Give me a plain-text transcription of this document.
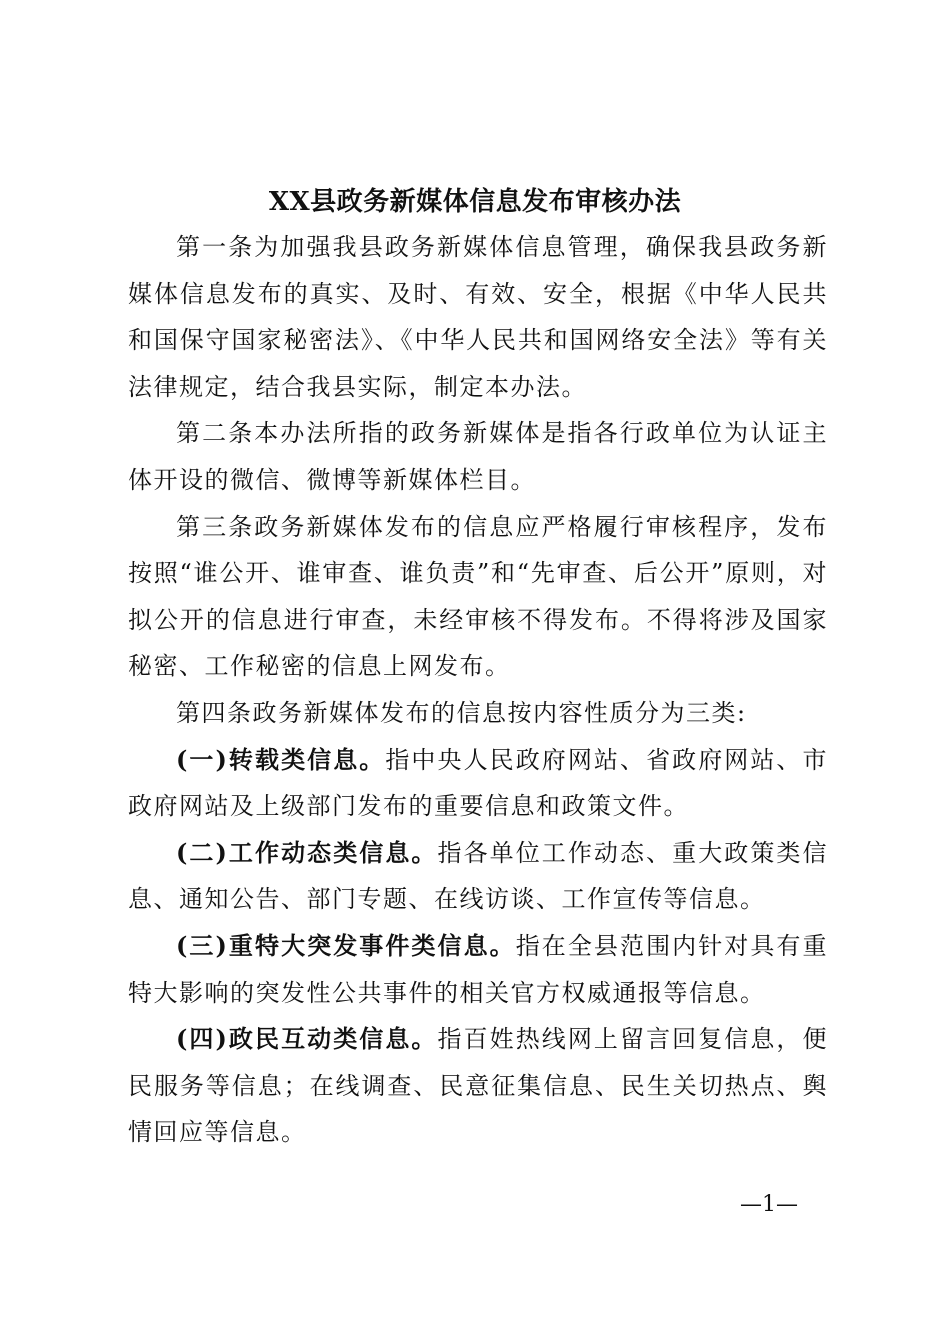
XX县政务新媒体信息发布审核办法

第一条为加强我县政务新媒体信息管理，确保我县政务新媒体信息发布的真实、及时、有效、安全，根据《中华人民共和国保守国家秘密法》、《中华人民共和国网络安全法》等有关法律规定，结合我县实际，制定本办法。

第二条本办法所指的政务新媒体是指各行政单位为认证主体开设的微信、微博等新媒体栏目。

第三条政务新媒体发布的信息应严格履行审核程序，发布按照“谁公开、谁审查、谁负责”和“先审查、后公开”原则，对拟公开的信息进行审查，未经审核不得发布。不得将涉及国家秘密、工作秘密的信息上网发布。

第四条政务新媒体发布的信息按内容性质分为三类:

(一)转载类信息。指中央人民政府网站、省政府网站、市政府网站及上级部门发布的重要信息和政策文件。

(二)工作动态类信息。指各单位工作动态、重大政策类信息、通知公告、部门专题、在线访谈、工作宣传等信息。

(三)重特大突发事件类信息。指在全县范围内针对具有重特大影响的突发性公共事件的相关官方权威通报等信息。

(四)政民互动类信息。指百姓热线网上留言回复信息，便民服务等信息；在线调查、民意征集信息、民生关切热点、舆情回应等信息。

—1—
